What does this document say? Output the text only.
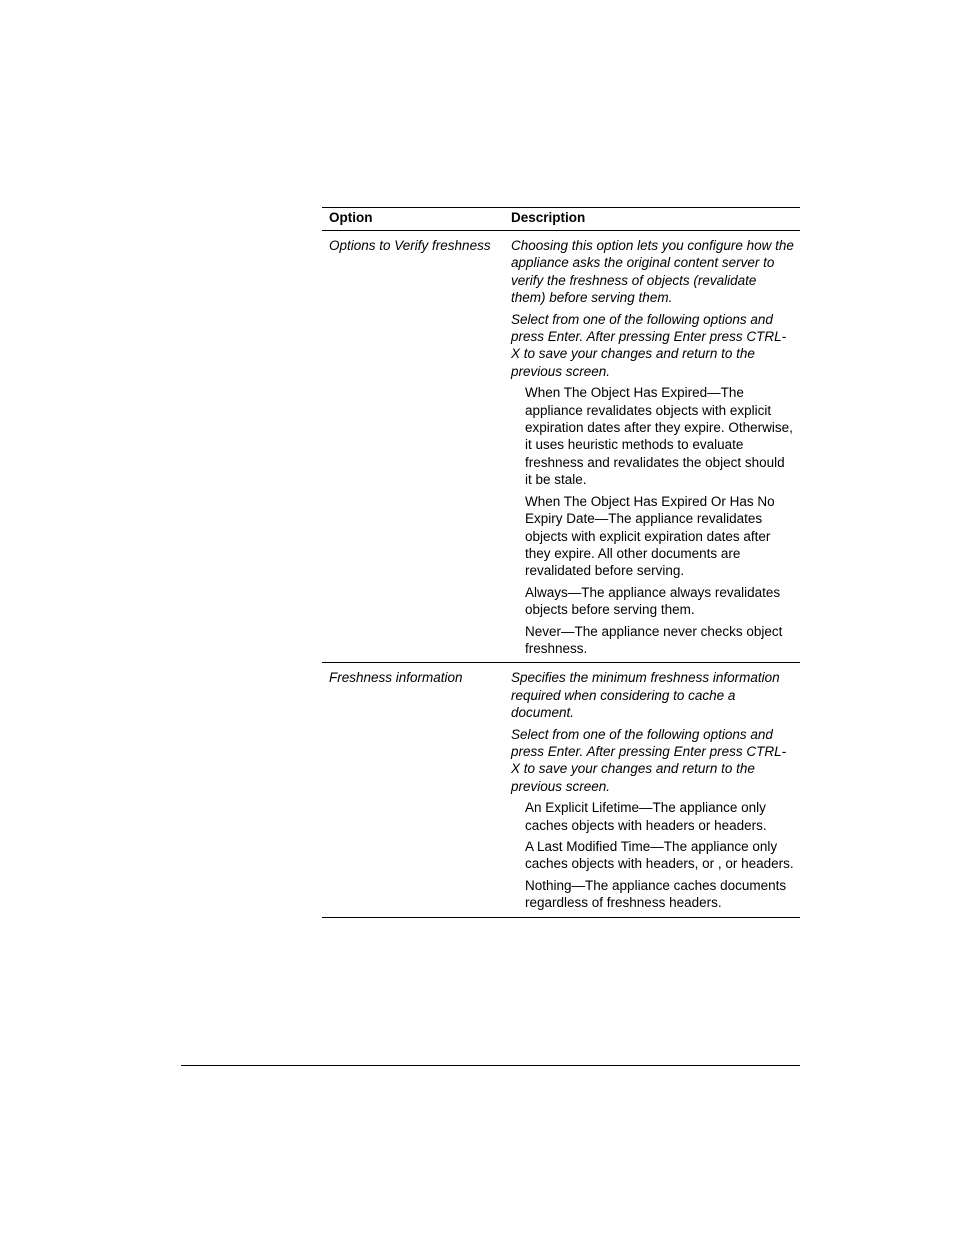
Option	Description
Options to Verify freshness	Choosing this option lets you configure how the appliance asks the original content server to verify the freshness of objects (revalidate them) before serving them.

Select from one of the following options and press Enter. After pressing Enter press CTRL-X to save your changes and return to the previous screen.

When The Object Has Expired—The appliance revalidates objects with explicit expiration dates after they expire. Otherwise, it uses heuristic methods to evaluate freshness and revalidates the object should it be stale.

When The Object Has Expired Or Has No Expiry Date—The appliance revalidates objects with explicit expiration dates after they expire. All other documents are revalidated before serving.

Always—The appliance always revalidates objects before serving them.

Never—The appliance never checks object freshness.

Freshness information	Specifies the minimum freshness information required when considering to cache a document.

Select from one of the following options and press Enter. After pressing Enter press CTRL-X to save your changes and return to the previous screen.

An Explicit Lifetime—The appliance only caches objects with headers or headers.

A Last Modified Time—The appliance only caches objects with headers, or , or headers.

Nothing—The appliance caches documents regardless of freshness headers.
